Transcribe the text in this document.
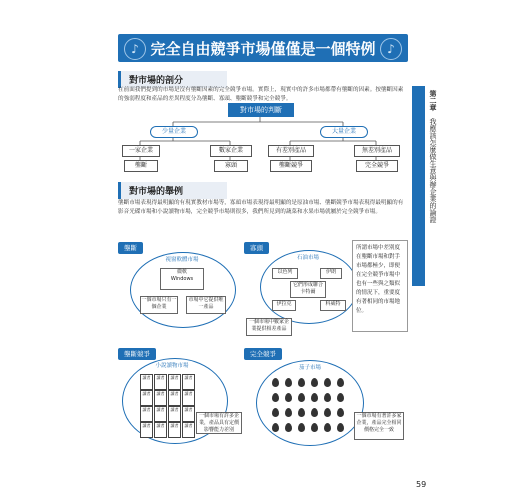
♪ 完全自由競爭市場僅僅是一個特例 ♪
對市場的剖分
在前面我們提到的市場是沒有壟斷因素的完全競爭市場。實際上，現實中的許多市場都帶有壟斷的因素。按壟斷因素的強弱程度和產品的差異程度分為壟斷、寡頭、壟斷競爭和完全競爭。
對市場的判斷
少量企業	大量企業
一家企業	數家企業	有差別產品	無差別產品
壟斷	寡頭	壟斷競爭	完全競爭
對市場的舉例
壟斷市場表現得最明顯的有現實教材市場等，寡頭市場表現得最明顯的是原油市場、壟斷競爭市場表現得最明顯的有影音光碟市場和小說讀物市場，完全競爭市場則很多，我們所見到的蔬菜和水果市場就屬於完全競爭市場。
壟斷
視窗軟體市場
微軟
Windows
一個市場只有一個企業
市場中它提供唯一產品
寡頭
石油市場
以色列	伊朗
它們形成聯合卡特爾
伊拉克	科威特
一個市場中數家企業提供相差產品
所謂市場中差別度在壟斷市場和對手市場都極少，即便在完全競爭市場中也有一些與之類似的情況下，重要度有著相同的市場地位。
壟斷競爭
小說讀物市場
讀者	讀者	讀者	讀者
讀者	讀者	讀者	讀者
讀者	讀者	讀者	讀者
讀者	讀者	讀者	讀者
一個市場有許多企業，產品具有定價影響能力差別
完全競爭
茄子市場
一個市場有著許多家企業，產品完全相同價格完全一致
第二章
我應該怎麼做生意與辦企業的論證
59
